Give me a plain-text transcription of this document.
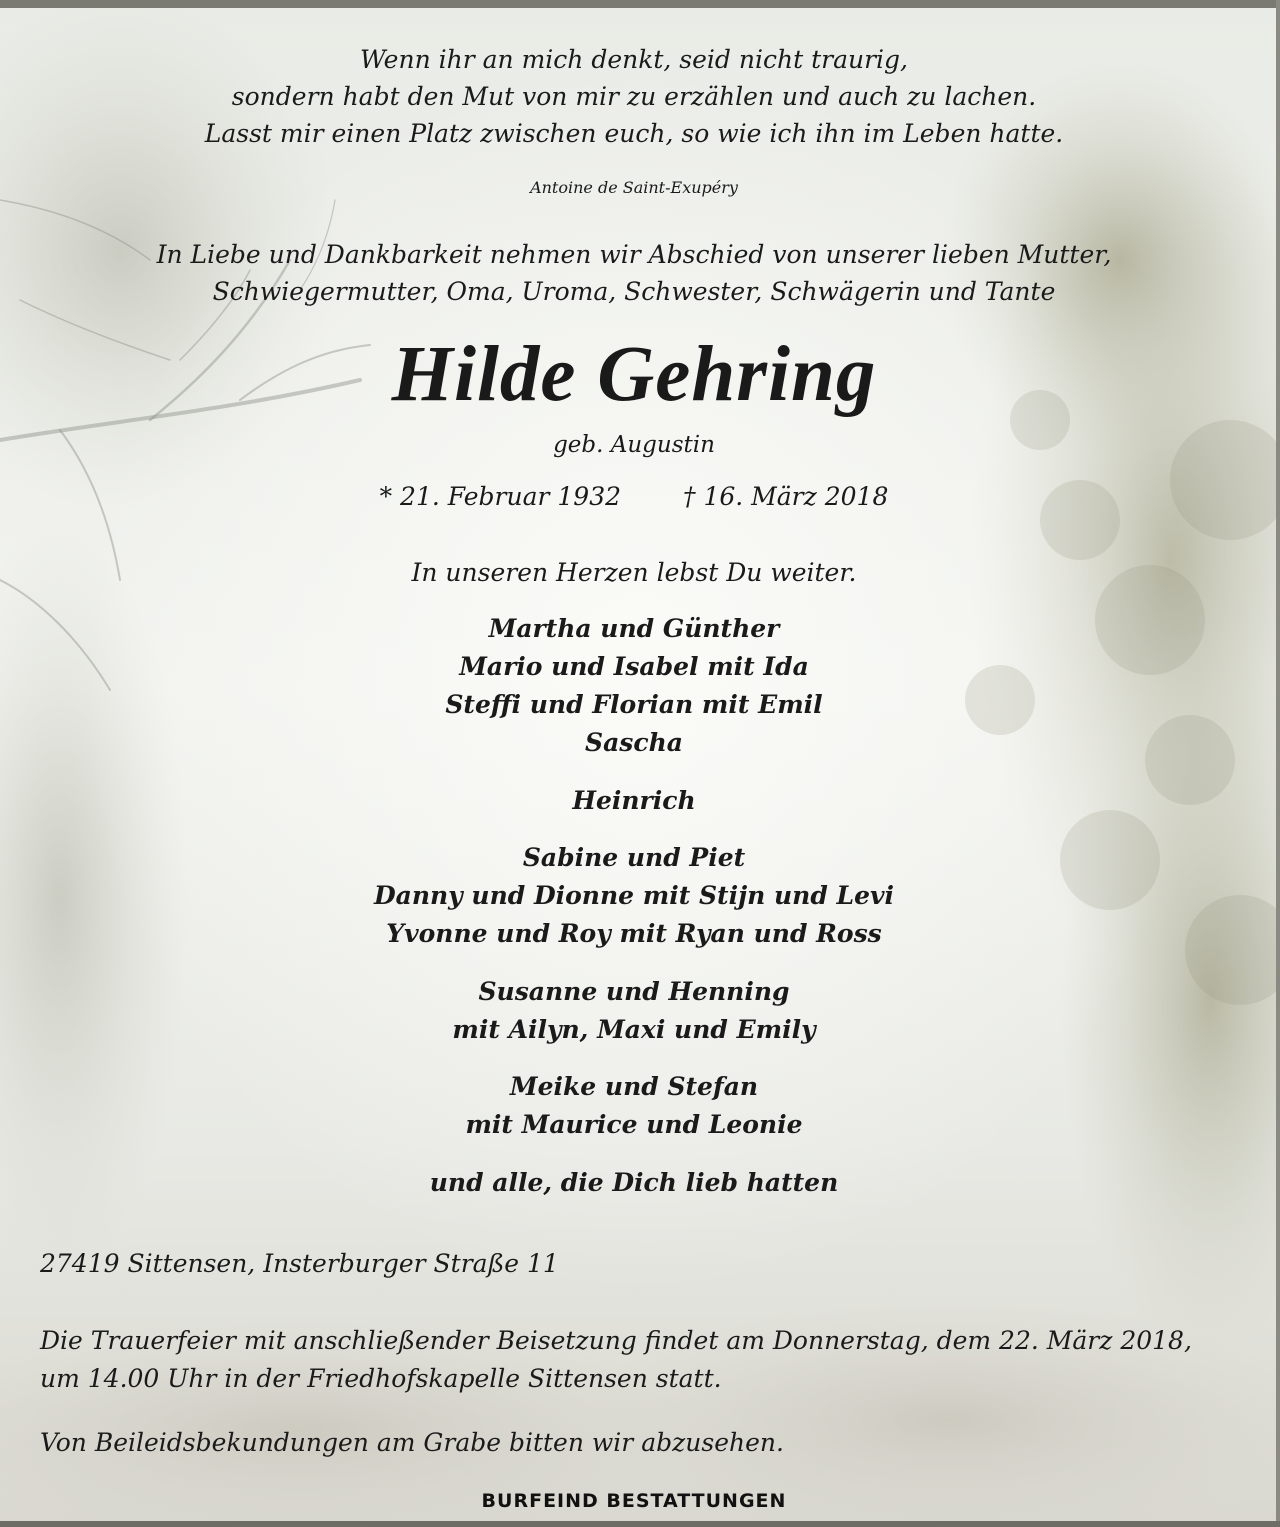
Wenn ihr an mich denkt, seid nicht traurig,
sondern habt den Mut von mir zu erzählen und auch zu lachen.
Lasst mir einen Platz zwischen euch, so wie ich ihn im Leben hatte.
Antoine de Saint-Exupéry
In Liebe und Dankbarkeit nehmen wir Abschied von unserer lieben Mutter,
Schwiegermutter, Oma, Uroma, Schwester, Schwägerin und Tante
Hilde Gehring
geb. Augustin
* 21. Februar 1932 † 16. März 2018
In unseren Herzen lebst Du weiter.
Martha und Günther
Mario und Isabel mit Ida
Steffi und Florian mit Emil
Sascha
Heinrich
Sabine und Piet
Danny und Dionne mit Stijn und Levi
Yvonne und Roy mit Ryan und Ross
Susanne und Henning
mit Ailyn, Maxi und Emily
Meike und Stefan
mit Maurice und Leonie
und alle, die Dich lieb hatten
27419 Sittensen, Insterburger Straße 11
Die Trauerfeier mit anschließender Beisetzung findet am Donnerstag, dem 22. März 2018,
um 14.00 Uhr in der Friedhofskapelle Sittensen statt.
Von Beileidsbekundungen am Grabe bitten wir abzusehen.
BURFEIND BESTATTUNGEN
